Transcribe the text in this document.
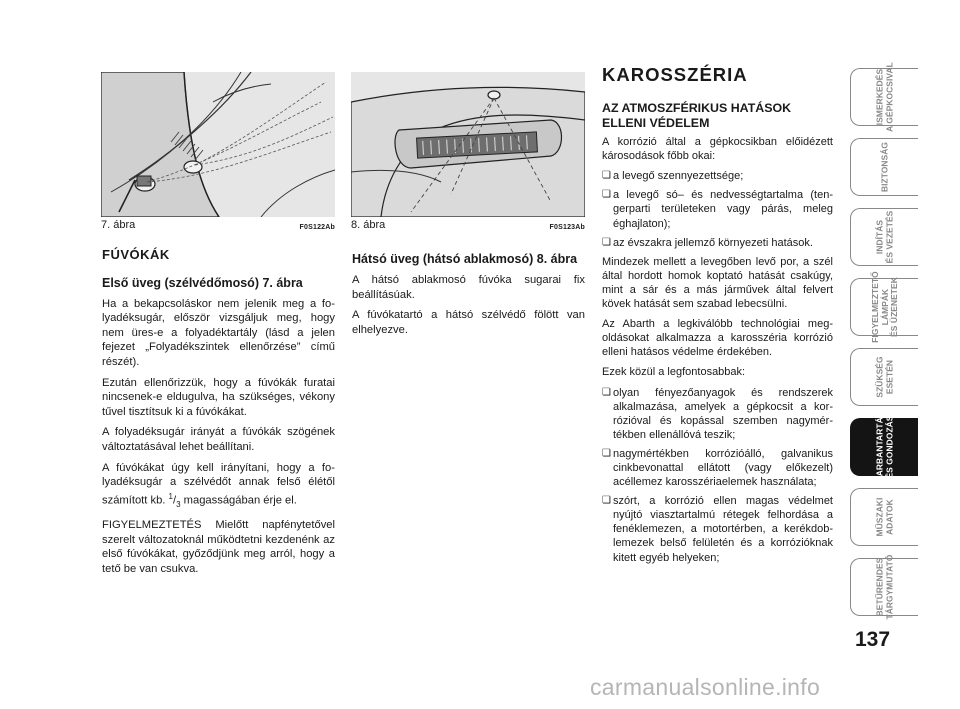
7. ábra	F0S122Ab 8. ábra	F0S123Ab
FÚVÓKÁK
Első üveg (szélvédőmosó) 7. ábra

Ha a bekapcsoláskor nem jelenik meg a folyadéksugár, először vizsgáljuk meg, hogy nem üres-e a folyadéktartály (lásd a jelen fejezet „Folyadékszintek ellenőrzése” című részét).

Ezután ellenőrizzük, hogy a fúvókák furatai nincsenek-e eldugulva, ha szükséges, vékony tűvel tisztítsuk ki a fúvókákat.

A folyadéksugár irányát a fúvókák szögének változtatásával lehet beállítani.

A fúvókákat úgy kell irányítani, hogy a folyadéksugár a szélvédőt annak felső élétől számított kb. $^1/_3$ magasságában érje el.

FIGYELMEZTETÉS Mielőtt napfénytetővel szerelt változatoknál működtetni kezdenénk az első fúvókákat, győződjünk meg arról, hogy a tető be van csukva.

Hátsó üveg (hátsó ablakmosó) 8. ábra

A hátsó ablakmosó fúvóka sugarai fix beállításúak.

A fúvókatartó a hátsó szélvédő fölött van elhelyezve.

KAROSSZÉRIA
AZ ATMOSZFÉRIKUS HATÁSOK ELLENI VÉDELEM

A korrózió által a gépkocsikban előidézett károsodások főbb okai:

❏ a levegő szennyezettsége;
❏ a levegő só– és nedvességtartalma (tengerparti területeken vagy párás, meleg éghajlaton);
❏ az évszakra jellemző környezeti hatások.

Mindezek mellett a levegőben levő por, a szél által hordott homok koptató hatását csakúgy, mint a sár és a más járművek által felvert kövek hatását sem szabad lebecsülni.

Az Abarth a legkiválóbb technológiai megoldásokat alkalmazza a karosszéria korrózió elleni hatásos védelme érdekében.

Ezek közül a legfontosabbak:

❏ olyan fényezőanyagok és rendszerek alkalmazása, amelyek a gépkocsit a korrózióval és kopással szemben nagymértékben ellenállóvá teszik;
❏ nagymértékben korrózióálló, galvanikus cinkbevonattal ellátott (vagy előkezelt) acéllemez karosszériaelemek használata;
❏ szórt, a korrózió ellen magas védelmet nyújtó viasztartalmú rétegek felhordása a fenéklemezen, a motortérben, a kerékdob-lemezek belső felületén és a korrózióknak kitett egyéb helyeken;
ISMERKEDÉS
A GÉPKOCSIVAL
BIZTONSÁG
INDÍTÁS
ÉS VEZETÉS
FIGYELMEZTETŐ
LÁMPÁK
ÉS ÜZENETEK
SZÜKSÉG
ESETÉN
KARBANTARTÁS
ÉS GONDOZÁS
MŰSZAKI
ADATOK
BETŰRENDES
TÁRGYMUTATÓ
137
carmanualsonline.info
